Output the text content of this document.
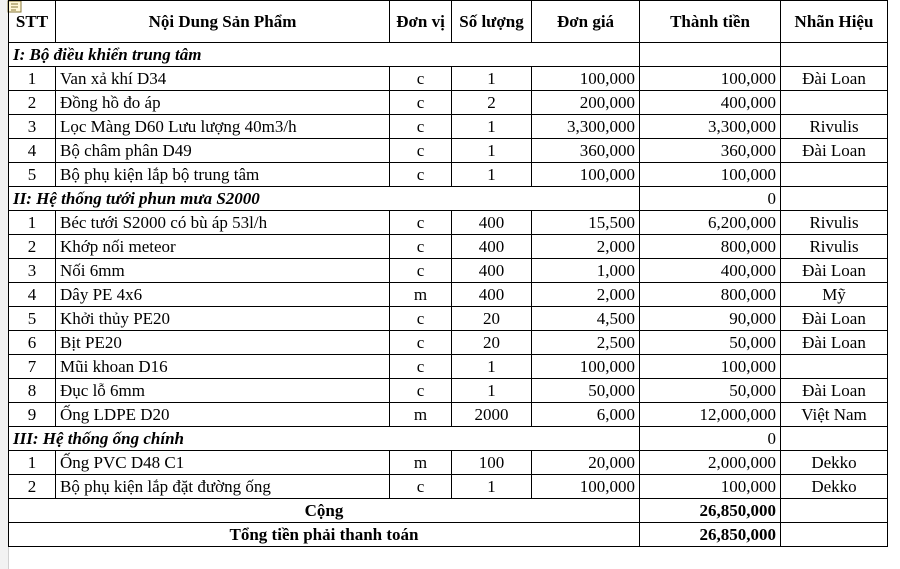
STT	Nội Dung Sản Phẩm	Đơn vị	Số lượng	Đơn giá	Thành tiền	Nhãn Hiệu
I: Bộ điều khiển trung tâm						
1	Van xả khí D34	c	1	100,000	100,000	Đài Loan
2	Đồng hồ đo áp	c	2	200,000	400,000	
3	Lọc Màng D60 Lưu lượng 40m3/h	c	1	3,300,000	3,300,000	Rivulis
4	Bộ châm phân D49	c	1	360,000	360,000	Đài Loan
5	Bộ phụ kiện lắp bộ trung tâm	c	1	100,000	100,000	
II: Hệ thống tưới phun mưa S2000					0	
1	Béc tưới S2000 có bù áp 53l/h	c	400	15,500	6,200,000	Rivulis
2	Khớp nối meteor	c	400	2,000	800,000	Rivulis
3	Nối 6mm	c	400	1,000	400,000	Đài Loan
4	Dây PE 4x6	m	400	2,000	800,000	Mỹ
5	Khởi thủy PE20	c	20	4,500	90,000	Đài Loan
6	Bịt PE20	c	20	2,500	50,000	Đài Loan
7	Mũi khoan D16	c	1	100,000	100,000	
8	Đục lỗ 6mm	c	1	50,000	50,000	Đài Loan
9	Ống LDPE D20	m	2000	6,000	12,000,000	Việt Nam
III: Hệ thống ống chính					0	
1	Ống PVC D48 C1	m	100	20,000	2,000,000	Dekko
2	Bộ phụ kiện lắp đặt đường ống	c	1	100,000	100,000	Dekko
Cộng					26,850,000	
Tổng tiền phải thanh toán					26,850,000	
